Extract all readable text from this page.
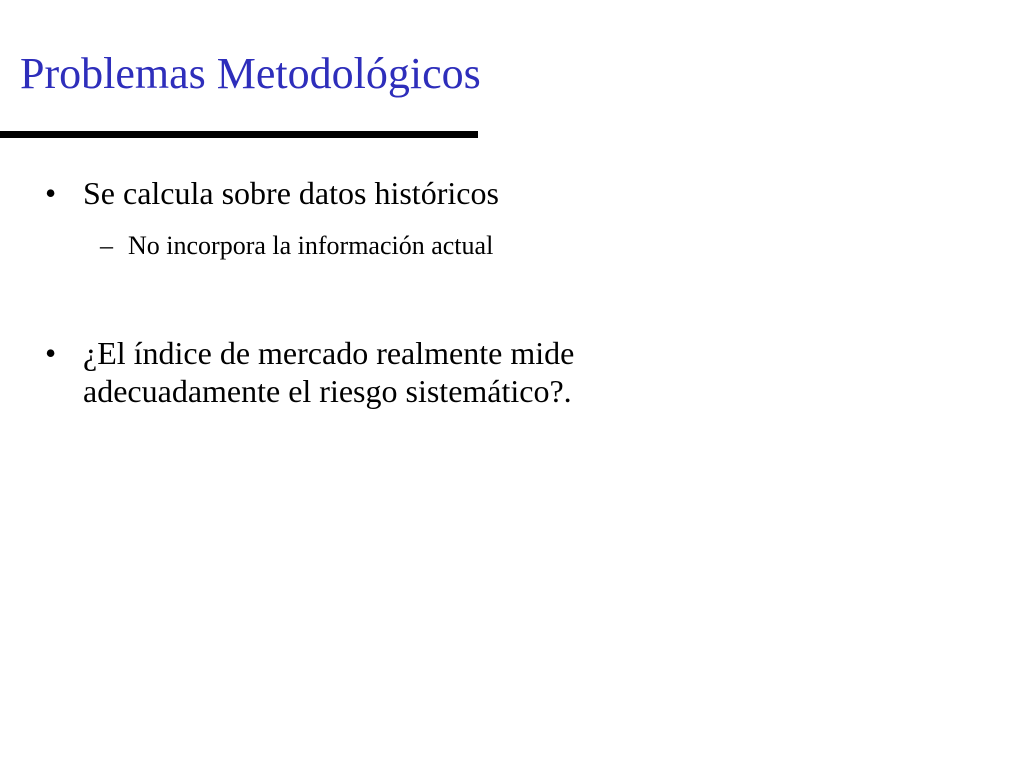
Problemas Metodológicos
• Se calcula sobre datos históricos
– No incorpora la información actual
• ¿El índice de mercado realmente mide adecuadamente el riesgo sistemático?.
